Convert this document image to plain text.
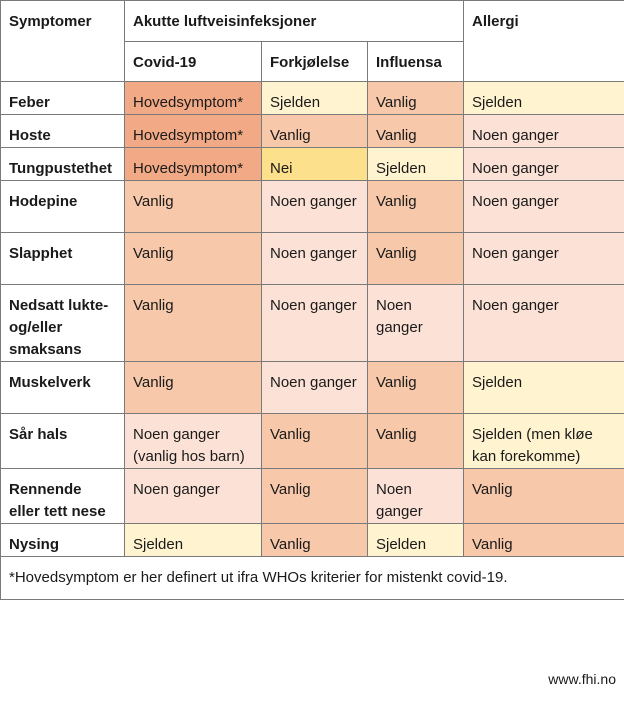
Symptomer	Akutte luftveisinfeksjoner			Allergi
	Covid-19	Forkjølelse	Influensa	
Feber	Hovedsymptom*	Sjelden	Vanlig	Sjelden
Hoste	Hovedsymptom*	Vanlig	Vanlig	Noen ganger
Tungpustethet	Hovedsymptom*	Nei	Sjelden	Noen ganger
Hodepine	Vanlig	Noen ganger	Vanlig	Noen ganger
Slapphet	Vanlig	Noen ganger	Vanlig	Noen ganger
Nedsatt lukte- og/eller smaksans	Vanlig	Noen ganger	Noen ganger	Noen ganger
Muskelverk	Vanlig	Noen ganger	Vanlig	Sjelden
Sår hals	Noen ganger (vanlig hos barn)	Vanlig	Vanlig	Sjelden (men kløe kan forekomme)
Rennende eller tett nese	Noen ganger	Vanlig	Noen ganger	Vanlig
Nysing	Sjelden	Vanlig	Sjelden	Vanlig
*Hovedsymptom er her definert ut ifra WHOs kriterier for mistenkt covid-19.				
www.fhi.no
